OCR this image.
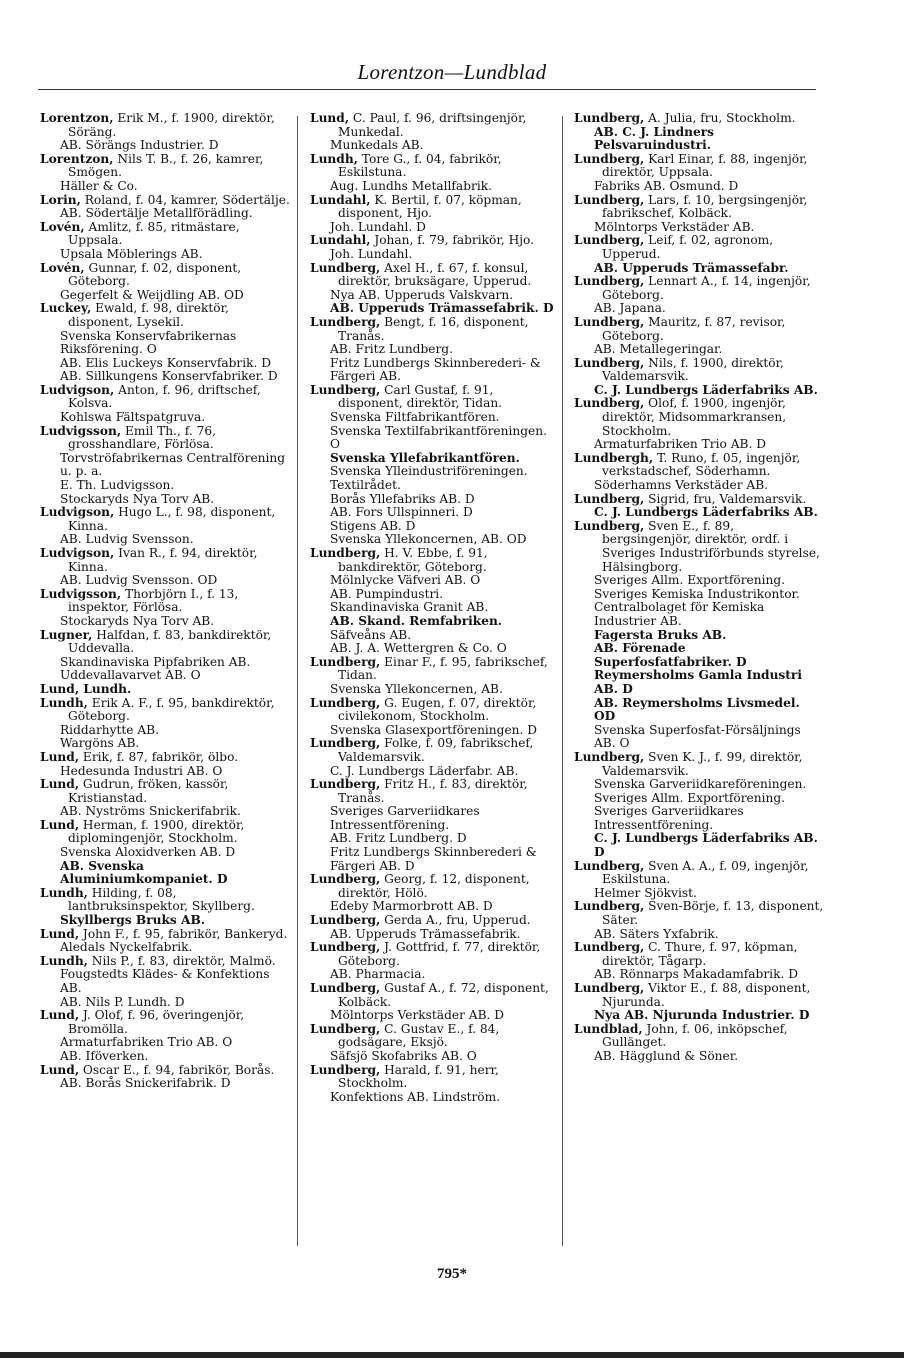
Lorentzon—Lundblad
Lorentzon, Erik M., f. 1900, direktör, Söräng.
AB. Sörängs Industrier. D
Lorentzon, Nils T. B., f. 26, kamrer, Smögen.
Häller & Co.
Lorin, Roland, f. 04, kamrer, Södertälje.
AB. Södertälje Metallförädling.
Lovén, Amlitz, f. 85, ritmästare, Uppsala.
Upsala Möblerings AB.
Lovén, Gunnar, f. 02, disponent, Göteborg.
Gegerfelt & Weijdling AB. OD
Luckey, Ewald, f. 98, direktör, disponent, Lysekil.
Svenska Konservfabrikernas Riksförening. O
AB. Elis Luckeys Konservfabrik. D
AB. Sillkungens Konservfabriker. D
Ludvigson, Anton, f. 96, driftschef, Kolsva.
Kohlswa Fältspatgruva.
Ludvigsson, Emil Th., f. 76, grosshandlare, Förlösa.
Torvströfabrikernas Centralförening u. p. a.
E. Th. Ludvigsson.
Stockaryds Nya Torv AB.
Ludvigson, Hugo L., f. 98, disponent, Kinna.
AB. Ludvig Svensson.
Ludvigson, Ivan R., f. 94, direktör, Kinna.
AB. Ludvig Svensson. OD
Ludvigsson, Thorbjörn I., f. 13, inspektor, Förlösa.
Stockaryds Nya Torv AB.
Lugner, Halfdan, f. 83, bankdirektör, Uddevalla.
Skandinaviska Pipfabriken AB.
Uddevallavarvet AB. O
Lund, Lundh.
Lundh, Erik A. F., f. 95, bankdirektör, Göteborg.
Riddarhytte AB.
Wargöns AB.
Lund, Erik, f. 87, fabrikör, ölbo.
Hedesunda Industri AB. O
Lund, Gudrun, fröken, kassör, Kristianstad.
AB. Nyströms Snickerifabrik.
Lund, Herman, f. 1900, direktör, diplomingenjör, Stockholm.
Svenska Aloxidverken AB. D
AB. Svenska Aluminiumkompaniet. D
Lundh, Hilding, f. 08, lantbruksinspektor, Skyllberg.
Skyllbergs Bruks AB.
Lund, John F., f. 95, fabrikör, Bankeryd.
Aledals Nyckelfabrik.
Lundh, Nils P., f. 83, direktör, Malmö.
Fougstedts Klädes- & Konfektions AB.
AB. Nils P. Lundh. D
Lund, J. Olof, f. 96, överingenjör, Bromölla.
Armaturfabriken Trio AB. O
AB. Iföverken.
Lund, Oscar E., f. 94, fabrikör, Borås.
AB. Borås Snickerifabrik. D
Lund, C. Paul, f. 96, driftsingenjör, Munkedal.
Munkedals AB.
Lundh, Tore G., f. 04, fabrikör, Eskilstuna.
Aug. Lundhs Metallfabrik.
Lundahl, K. Bertil, f. 07, köpman, disponent, Hjo.
Joh. Lundahl. D
Lundahl, Johan, f. 79, fabrikör, Hjo.
Joh. Lundahl.
Lundberg, Axel H., f. 67, f. konsul, direktör, bruksägare, Upperud.
Nya AB. Upperuds Valskvarn.
AB. Upperuds Trämassefabrik. D
Lundberg, Bengt, f. 16, disponent, Tranås.
AB. Fritz Lundberg.
Fritz Lundbergs Skinnberederi- & Färgeri AB.
Lundberg, Carl Gustaf, f. 91, disponent, direktör, Tidan.
Svenska Filtfabrikantfören.
Svenska Textilfabrikantföreningen. O
Svenska Yllefabrikantfören.
Svenska Ylleindustriföreningen.
Textilrådet.
Borås Yllefabriks AB. D
AB. Fors Ullspinneri. D
Stigens AB. D
Svenska Yllekoncernen, AB. OD
Lundberg, H. V. Ebbe, f. 91, bankdirektör, Göteborg.
Mölnlycke Väfveri AB. O
AB. Pumpindustri.
Skandinaviska Granit AB.
AB. Skand. Remfabriken.
Säfveåns AB.
AB. J. A. Wettergren & Co. O
Lundberg, Einar F., f. 95, fabrikschef, Tidan.
Svenska Yllekoncernen, AB.
Lundberg, G. Eugen, f. 07, direktör, civilekonom, Stockholm.
Svenska Glasexportföreningen. D
Lundberg, Folke, f. 09, fabrikschef, Valdemarsvik.
C. J. Lundbergs Läderfabr. AB.
Lundberg, Fritz H., f. 83, direktör, Tranås.
Sveriges Garveriidkares Intressentförening.
AB. Fritz Lundberg. D
Fritz Lundbergs Skinnberederi & Färgeri AB. D
Lundberg, Georg, f. 12, disponent, direktör, Hölö.
Edeby Marmorbrott AB. D
Lundberg, Gerda A., fru, Upperud.
AB. Upperuds Trämassefabrik.
Lundberg, J. Gottfrid, f. 77, direktör, Göteborg.
AB. Pharmacia.
Lundberg, Gustaf A., f. 72, disponent, Kolbäck.
Mölntorps Verkstäder AB. D
Lundberg, C. Gustav E., f. 84, godsägare, Eksjö.
Säfsjö Skofabriks AB. O
Lundberg, Harald, f. 91, herr, Stockholm.
Konfektions AB. Lindström.
Lundberg, A. Julia, fru, Stockholm.
AB. C. J. Lindners Pelsvaruindustri.
Lundberg, Karl Einar, f. 88, ingenjör, direktör, Uppsala.
Fabriks AB. Osmund. D
Lundberg, Lars, f. 10, bergsingenjör, fabrikschef, Kolbäck.
Mölntorps Verkstäder AB.
Lundberg, Leif, f. 02, agronom, Upperud.
AB. Upperuds Trämassefabr.
Lundberg, Lennart A., f. 14, ingenjör, Göteborg.
AB. Japana.
Lundberg, Mauritz, f. 87, revisor, Göteborg.
AB. Metallegeringar.
Lundberg, Nils, f. 1900, direktör, Valdemarsvik.
C. J. Lundbergs Läderfabriks AB.
Lundberg, Olof, f. 1900, ingenjör, direktör, Midsommarkransen, Stockholm.
Armaturfabriken Trio AB. D
Lundbergh, T. Runo, f. 05, ingenjör, verkstadschef, Söderhamn.
Söderhamns Verkstäder AB.
Lundberg, Sigrid, fru, Valdemarsvik.
C. J. Lundbergs Läderfabriks AB.
Lundberg, Sven E., f. 89, bergsingenjör, direktör, ordf. i Sveriges Industriförbunds styrelse, Hälsingborg.
Sveriges Allm. Exportförening.
Sveriges Kemiska Industrikontor.
Centralbolaget för Kemiska Industrier AB.
Fagersta Bruks AB.
AB. Förenade Superfosfatfabriker. D
Reymersholms Gamla Industri AB. D
AB. Reymersholms Livsmedel. OD
Svenska Superfosfat-Försäljnings AB. O
Lundberg, Sven K. J., f. 99, direktör, Valdemarsvik.
Svenska Garveriidkareföreningen.
Sveriges Allm. Exportförening.
Sveriges Garveriidkares Intressentförening.
C. J. Lundbergs Läderfabriks AB. D
Lundberg, Sven A. A., f. 09, ingenjör, Eskilstuna.
Helmer Sjökvist.
Lundberg, Sven-Börje, f. 13, disponent, Säter.
AB. Säters Yxfabrik.
Lundberg, C. Thure, f. 97, köpman, direktör, Tågarp.
AB. Rönnarps Makadamfabrik. D
Lundberg, Viktor E., f. 88, disponent, Njurunda.
Nya AB. Njurunda Industrier. D
Lundblad, John, f. 06, inköpschef, Gullänget.
AB. Hägglund & Söner.
795*
